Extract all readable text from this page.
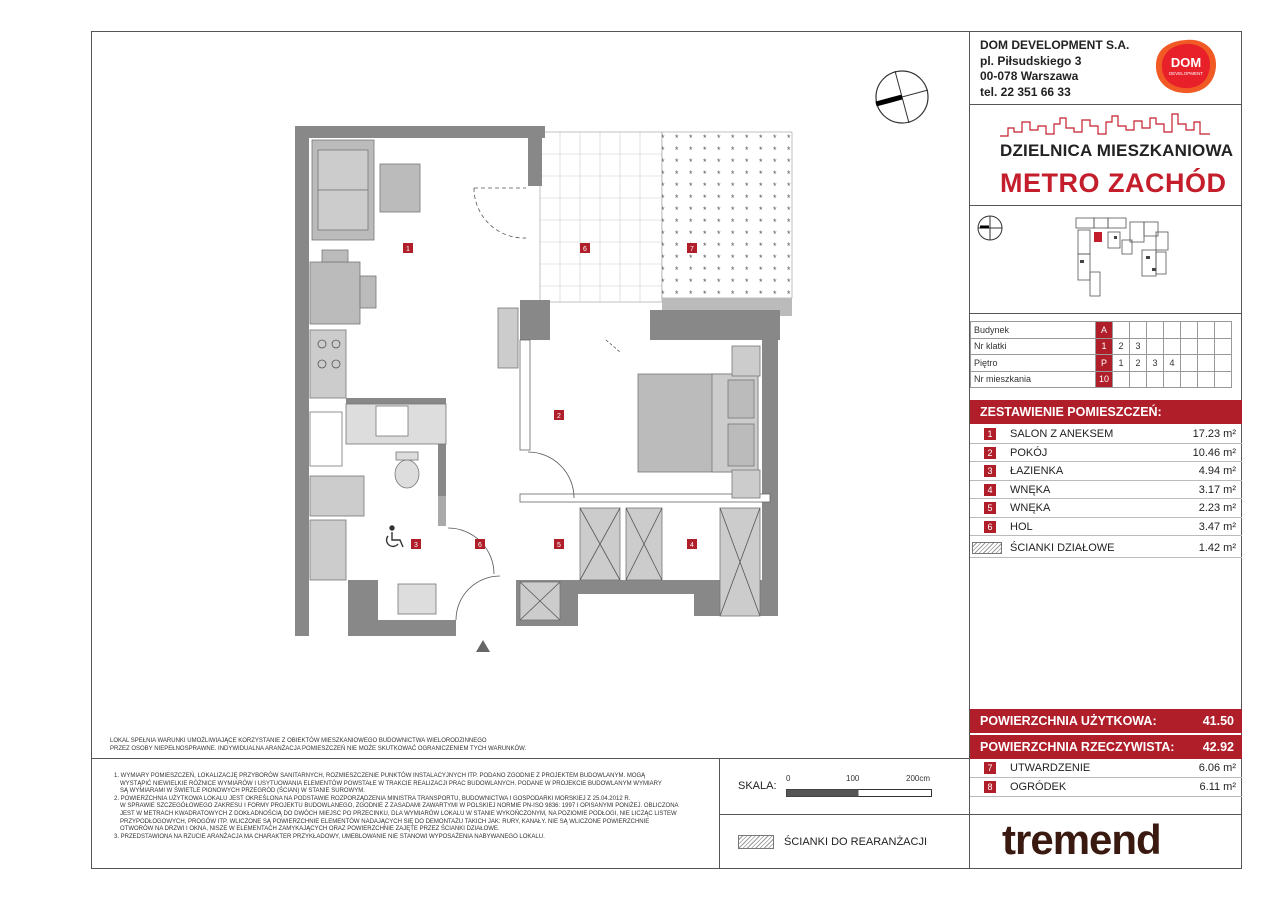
DOM DEVELOPMENT S.A.
pl. Piłsudskiego 3
00-078 Warszawa
tel. 22 351 66 33
DOM
DEVELOPMENT
DZIELNICA MIESZKANIOWA
METRO ZACHÓD
Budynek	A							
Nr klatki	1	2	3					
Piętro	P	1	2	3	4			
Nr mieszkania	10							
ZESTAWIENIE POMIESZCZEŃ:
1	SALON Z ANEKSEM	17.23 m²
2	POKÓJ	10.46 m²
3	ŁAZIENKA	4.94 m²
4	WNĘKA	3.17 m²
5	WNĘKA	2.23 m²
6	HOL	3.47 m²
ŚCIANKI DZIAŁOWE	1.42 m²
POWIERZCHNIA UŻYTKOWA:	41.50
POWIERZCHNIA RZECZYWISTA: 42.92
7	UTWARDZENIE	6.06 m²
8	OGRÓDEK	6.11 m²
tremend
LOKAL SPEŁNIA WARUNKI UMOŻLIWIAJĄCE KORZYSTANIE Z OBIEKTÓW MIESZKANIOWEGO BUDOWNICTWA WIELORODZINNEGO
PRZEZ OSOBY NIEPEŁNOSPRAWNE. INDYWIDUALNA ARANŻACJA POMIESZCZEŃ NIE MOŻE SKUTKOWAĆ OGRANICZENIEM TYCH WARUNKÓW.
1. WYMIARY POMIESZCZEŃ, LOKALIZACJĘ PRZYBORÓW SANITARNYCH, ROZMIESZCZENIE PUNKTÓW INSTALACYJNYCH ITP. PODANO ZGODNIE Z PROJEKTEM BUDOWLANYM. MOGĄ
WYSTĄPIĆ NIEWIELKIE RÓŻNICE WYMIARÓW I USYTUOWANIA ELEMENTÓW POWSTAŁE W TRAKCIE REALIZACJI PRAC BUDOWLANYCH. PODANE W PROJEKCIE BUDOWLANYM WYMIARY
SĄ WYMIARAMI W ŚWIETLE PIONOWYCH PRZEGRÓD (ŚCIAN) W STANIE SUROWYM.
2. POWIERZCHNIA UŻYTKOWA LOKALU JEST OKREŚLONA NA PODSTAWIE ROZPORZĄDZENIA MINISTRA TRANSPORTU, BUDOWNICTWA I GOSPODARKI MORSKIEJ Z 25.04.2012 R.
W SPRAWIE SZCZEGÓŁOWEGO ZAKRESU I FORMY PROJEKTU BUDOWLANEGO, ZGODNIE Z ZASADAMI ZAWARTYMI W POLSKIEJ NORMIE PN-ISO 9836: 1997 I OPISANYMI PONIŻEJ. OBLICZONA
JEST W METRACH KWADRATOWYCH Z DOKŁADNOŚCIĄ DO DWÓCH MIEJSC PO PRZECINKU, DLA WYMIARÓW LOKALU W STANIE WYKOŃCZONYM, NA POZIOMIE PODŁOGI, NIE LICZĄC LISTEW
PRZYPODŁOGOWYCH, PROGÓW ITP. WLICZONE SĄ POWIERZCHNIE ELEMENTÓW NADAJĄCYCH SIĘ DO DEMONTAŻU TAKICH JAK: RURY, KANAŁY. NIE SĄ WLICZONE POWIERZCHNIE
OTWORÓW NA DRZWI I OKNA, NISZE W ELEMENTACH ZAMYKAJĄCYCH ORAZ POWIERZCHNIE ZAJĘTE PRZEZ ŚCIANKI DZIAŁOWE.
3. PRZEDSTAWIONA NA RZUCIE ARANŻACJA MA CHARAKTER PRZYKŁADOWY, UMEBLOWANIE NIE STANOWI WYPOSAŻENIA NABYWANEGO LOKALU.
SKALA:
0	100	200cm
ŚCIANKI DO REARANŻACJI
1
2
3	4
5
6
6	7
